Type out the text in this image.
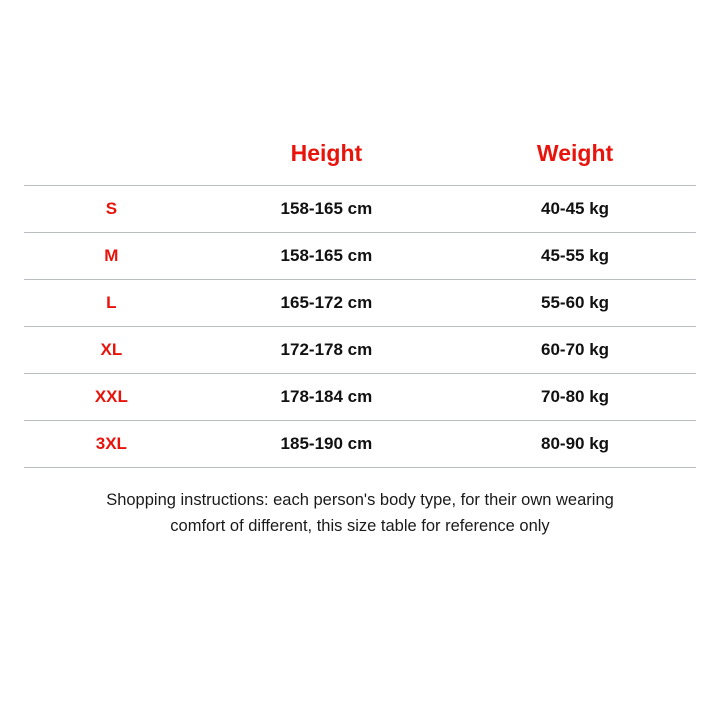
	Height	Weight
S	158-165 cm	40-45 kg
M	158-165 cm	45-55 kg
L	165-172 cm	55-60 kg
XL	172-178 cm	60-70 kg
XXL	178-184 cm	70-80 kg
3XL	185-190 cm	80-90 kg
Shopping instructions: each person's body type, for their own wearing
comfort of different, this size table for reference only
